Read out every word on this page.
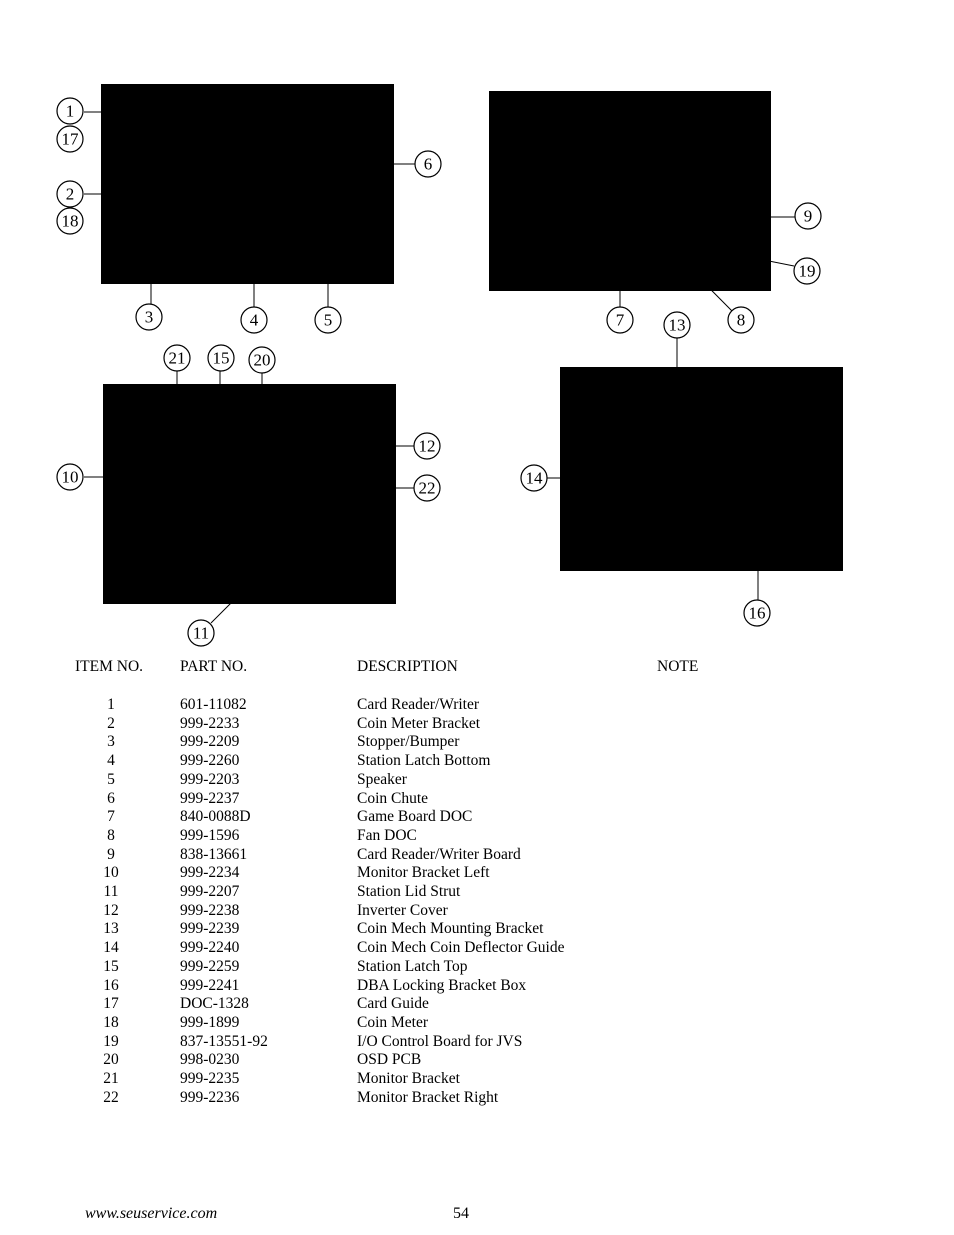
1
17
2
18
3	4	5
6
9
19
7	8
13
21 15 20
10
12
22
11
14
16
ITEM NO. PART NO.	DESCRIPTION	NOTE
1	601-11082	Card Reader/Writer
2	999-2233	Coin Meter Bracket
3	999-2209	Stopper/Bumper
4	999-2260	Station Latch Bottom
5	999-2203	Speaker
6	999-2237	Coin Chute
7	840-0088D	Game Board DOC
8	999-1596	Fan DOC
9	838-13661	Card Reader/Writer Board
10	999-2234	Monitor Bracket Left
11	999-2207	Station Lid Strut
12	999-2238	Inverter Cover
13	999-2239	Coin Mech Mounting Bracket
14	999-2240	Coin Mech Coin Deflector Guide
15	999-2259	Station Latch Top
16	999-2241	DBA Locking Bracket Box
17	DOC-1328	Card Guide
18	999-1899	Coin Meter
19	837-13551-92	I/O Control Board for JVS
20	998-0230	OSD PCB
21	999-2235	Monitor Bracket
22	999-2236	Monitor Bracket Right
www.seuservice.com	54
